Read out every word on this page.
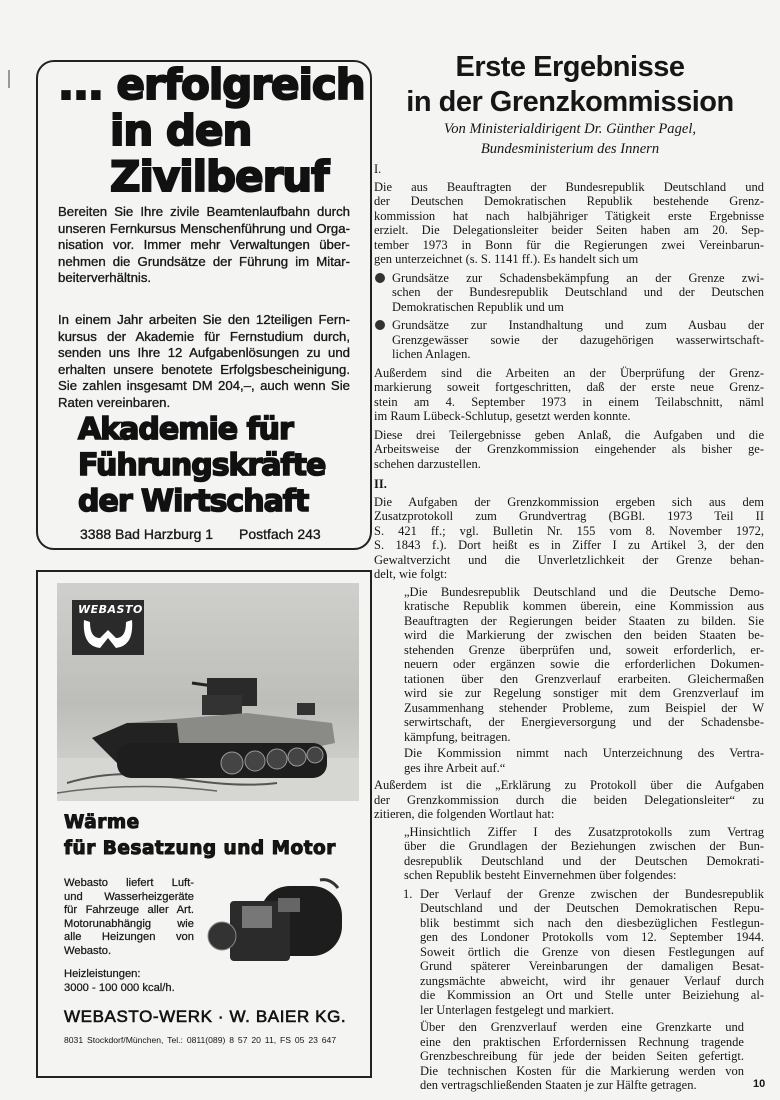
... erfolgreich
in den
Zivilberuf
Bereiten Sie Ihre zivile Beamtenlaufbahn durch
unseren Fernkursus Menschenführung und Orga-
nisation vor. Immer mehr Verwaltungen über-
nehmen die Grundsätze der Führung im Mitar-
beiterverhältnis.
In einem Jahr arbeiten Sie den 12teiligen Fern-
kursus der Akademie für Fernstudium durch,
senden uns Ihre 12 Aufgabenlösungen zu und
erhalten unsere benotete Erfolgsbescheinigung.
Sie zahlen insgesamt DM 204,–, auch wenn Sie
Raten vereinbaren.
Akademie für
Führungskräfte
der Wirtschaft
3388 Bad Harzburg 1 Postfach 243
WEBASTO
Wärme
für Besatzung und Motor
Webasto liefert Luft-
und Wasserheizgeräte
für Fahrzeuge aller Art.
Motorunabhängig wie
alle Heizungen von
Webasto.
Heizleistungen:
3000 - 100 000 kcal/h.
WEBASTO-WERK · W. BAIER KG.
8031 Stockdorf/München, Tel.: 0811(089) 8 57 20 11, FS 05 23 647
Erste Ergebnisse
in der Grenzkommission
Von Ministerialdirigent Dr. Günther Pagel,
Bundesministerium des Innern
I.
Die aus Beauftragten der Bundesrepublik Deutschland und
der Deutschen Demokratischen Republik bestehende Grenz-
kommission hat nach halbjähriger Tätigkeit erste Ergebnisse
erzielt. Die Delegationsleiter beider Seiten haben am 20. Sep-
tember 1973 in Bonn für die Regierungen zwei Vereinbarun-
gen unterzeichnet (s. S. 1141 ff.). Es handelt sich um
Grundsätze zur Schadensbekämpfung an der Grenze zwi-
schen der Bundesrepublik Deutschland und der Deutschen
Demokratischen Republik und um
Grundsätze zur Instandhaltung und zum Ausbau der
Grenzgewässer sowie der dazugehörigen wasserwirtschaft-
lichen Anlagen.
Außerdem sind die Arbeiten an der Überprüfung der Grenz-
markierung soweit fortgeschritten, daß der erste neue Grenz-
stein am 4. September 1973 in einem Teilabschnitt, näml
im Raum Lübeck-Schlutup, gesetzt werden konnte.
Diese drei Teilergebnisse geben Anlaß, die Aufgaben und die
Arbeitsweise der Grenzkommission eingehender als bisher ge-
schehen darzustellen.
II.
Die Aufgaben der Grenzkommission ergeben sich aus dem
Zusatzprotokoll zum Grundvertrag (BGBl. 1973 Teil II
S. 421 ff.; vgl. Bulletin Nr. 155 vom 8. November 1972,
S. 1843 f.). Dort heißt es in Ziffer I zu Artikel 3, der den
Gewaltverzicht und die Unverletzlichkeit der Grenze behan-
delt, wie folgt:
„Die Bundesrepublik Deutschland und die Deutsche Demo-
kratische Republik kommen überein, eine Kommission aus
Beauftragten der Regierungen beider Staaten zu bilden. Sie
wird die Markierung der zwischen den beiden Staaten be-
stehenden Grenze überprüfen und, soweit erforderlich, er-
neuern oder ergänzen sowie die erforderlichen Dokumen-
tationen über den Grenzverlauf erarbeiten. Gleichermaßen
wird sie zur Regelung sonstiger mit dem Grenzverlauf im
Zusammenhang stehender Probleme, zum Beispiel der W
serwirtschaft, der Energieversorgung und der Schadensbe-
kämpfung, beitragen.
Die Kommission nimmt nach Unterzeichnung des Vertra-
ges ihre Arbeit auf.“
Außerdem ist die „Erklärung zu Protokoll über die Aufgaben
der Grenzkommission durch die beiden Delegationsleiter“ zu
zitieren, die folgenden Wortlaut hat:
„Hinsichtlich Ziffer I des Zusatzprotokolls zum Vertrag
über die Grundlagen der Beziehungen zwischen der Bun-
desrepublik Deutschland und der Deutschen Demokrati-
schen Republik besteht Einvernehmen über folgendes:
1. Der Verlauf der Grenze zwischen der Bundesrepublik
Deutschland und der Deutschen Demokratischen Repu-
blik bestimmt sich nach den diesbezüglichen Festlegun-
gen des Londoner Protokolls vom 12. September 1944.
Soweit örtlich die Grenze von diesen Festlegungen auf
Grund späterer Vereinbarungen der damaligen Besat-
zungsmächte abweicht, wird ihr genauer Verlauf durch
die Kommission an Ort und Stelle unter Beiziehung al-
ler Unterlagen festgelegt und markiert.
Über den Grenzverlauf werden eine Grenzkarte und
eine den praktischen Erfordernissen Rechnung tragende
Grenzbeschreibung für jede der beiden Seiten gefertigt.
Die technischen Kosten für die Markierung werden von
den vertragschließenden Staaten je zur Hälfte getragen.	10
